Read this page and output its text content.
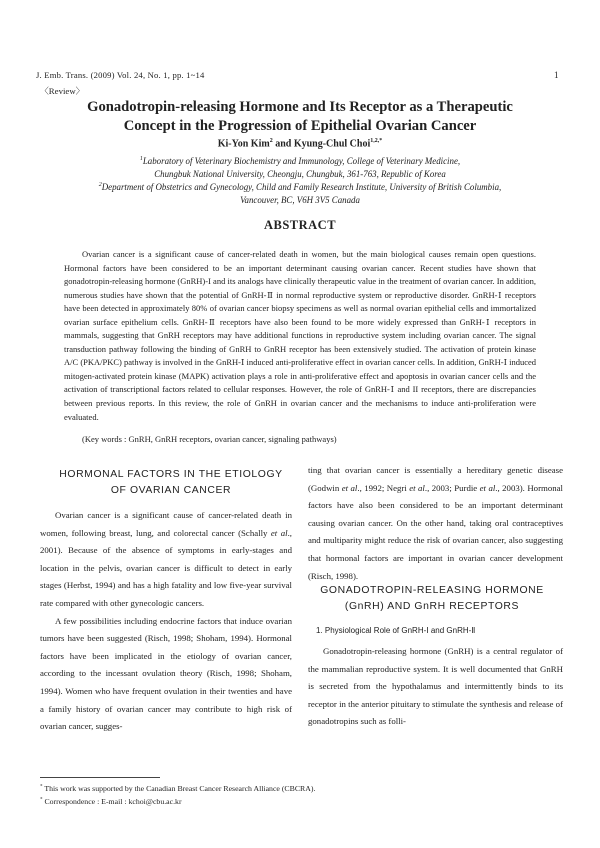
J. Emb. Trans. (2009) Vol. 24, No. 1, pp. 1~14	1
〈Review〉
Gonadotropin-releasing Hormone and Its Receptor as a Therapeutic
Concept in the Progression of Epithelial Ovarian Cancer
Ki-Yon Kim$^2$ and Kyung-Chul Choi$^{1,2,*}$
$^1$Laboratory of Veterinary Biochemistry and Immunology, College of Veterinary Medicine,
Chungbuk National University, Cheongju, Chungbuk, 361-763, Republic of Korea
$^2$Department of Obstetrics and Gynecology, Child and Family Research Institute, University of British Columbia,
Vancouver, BC, V6H 3V5 Canada
ABSTRACT

Ovarian cancer is a significant cause of cancer-related death in women, but the main biological causes remain open questions. Hormonal factors have been considered to be an important determinant causing ovarian cancer. Recent studies have shown that gonadotropin-releasing hormone (GnRH)-I and its analogs have clinically therapeutic value in the treatment of ovarian cancer. In addition, numerous studies have shown that the potential of GnRH-Ⅱ in normal reproductive system or reproductive disorder. GnRH-Ⅰ receptors have been detected in approximately 80% of ovarian cancer biopsy specimens as well as normal ovarian epithelial cells and immortalized ovarian surface epithelium cells. GnRH-Ⅱ receptors have also been found to be more widely expressed than GnRH-Ⅰ receptors in mammals, suggesting that GnRH receptors may have additional functions in reproductive system including ovarian cancer. The signal transduction pathway following the binding of GnRH to GnRH receptor has been extensively studied. The activation of protein kinase A/C (PKA/PKC) pathway is involved in the GnRH-Ⅰ induced anti-proliferative effect in ovarian cancer cells. In addition, GnRH-Ⅰ induced mitogen-activated protein kinase (MAPK) activation plays a role in anti-proliferative effect and apoptosis in ovarian cancer cells and the activation of transcriptional factors related to cellular responses. However, the role of GnRH-Ⅰ and II receptors, there are discrepancies between previous reports. In this review, the role of GnRH in ovarian cancer and the mechanisms to induce anti-proliferation were evaluated.

(Key words : GnRH, GnRH receptors, ovarian cancer, signaling pathways)
HORMONAL FACTORS IN THE ETIOLOGY
OF OVARIAN CANCER

Ovarian cancer is a significant cause of cancer-related death in women, following breast, lung, and colorectal cancer (Schally et al., 2001). Because of the absence of symptoms in early-stages and location in the pelvis, ovarian cancer is difficult to detect in early stages (Herbst, 1994) and has a high fatality and low five-year survival rate compared with other gynecologic cancers.

A few possibilities including endocrine factors that induce ovarian tumors have been suggested (Risch, 1998; Shoham, 1994). Hormonal factors have been implicated in the etiology of ovarian cancer, according to the incessant ovulation theory (Risch, 1998; Shoham, 1994). Women who have frequent ovulation in their twenties and have a family history of ovarian cancer may contribute to high risk of ovarian cancer, sugges-

ting that ovarian cancer is essentially a hereditary genetic disease (Godwin et al., 1992; Negri et al., 2003; Purdie et al., 2003). Hormonal factors have also been considered to be an important determinant causing ovarian cancer. On the other hand, taking oral contraceptives and multiparity might reduce the risk of ovarian cancer, also suggesting that hormonal factors are important in ovarian cancer development (Risch, 1998).

GONADOTROPIN-RELEASING HORMONE
(GnRH) AND GnRH RECEPTORS
1. Physiological Role of GnRH-Ⅰ and GnRH-Ⅱ

Gonadotropin-releasing hormone (GnRH) is a central regulator of the mammalian reproductive system. It is well documented that GnRH is secreted from the hypothalamus and intermittently binds to its receptor in the anterior pituitary to stimulate the synthesis and release of gonadotropins such as folli-

* This work was supported by the Canadian Breast Cancer Research Alliance (CBCRA).
* Correspondence : E-mail : kchoi@cbu.ac.kr
